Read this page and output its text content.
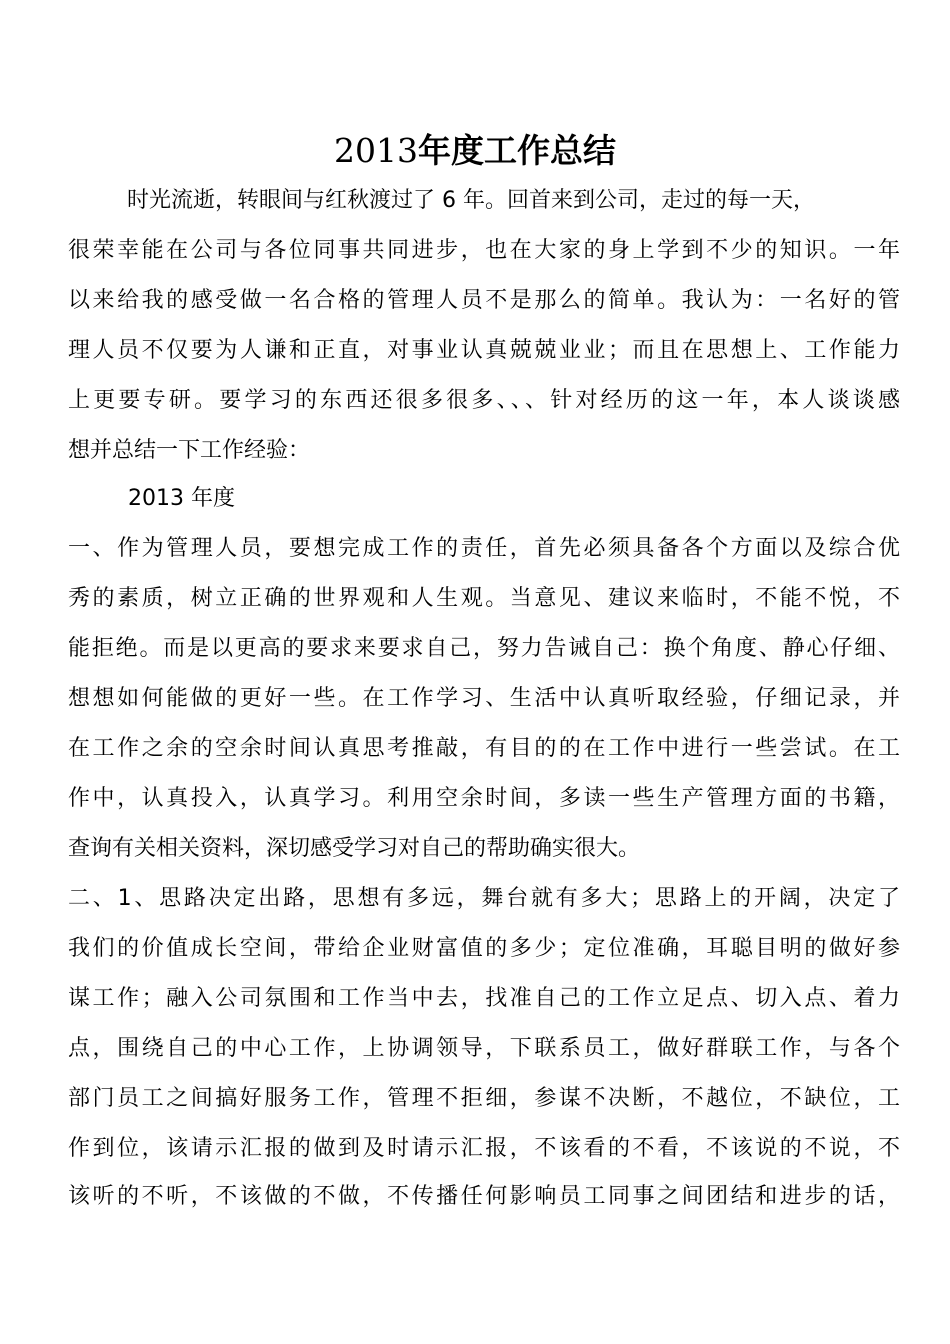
2013年度工作总结
时光流逝，转眼间与红秋渡过了 6 年。回首来到公司，走过的每一天，
很荣幸能在公司与各位同事共同进步，也在大家的身上学到不少的知识。一年
以来给我的感受做一名合格的管理人员不是那么的简单。我认为：一名好的管
理人员不仅要为人谦和正直，对事业认真兢兢业业；而且在思想上、工作能力
上更要专研。要学习的东西还很多很多、、、针对经历的这一年，本人谈谈感
想并总结一下工作经验：
2013 年度
一、作为管理人员，要想完成工作的责任，首先必须具备各个方面以及综合优
秀的素质，树立正确的世界观和人生观。当意见、建议来临时，不能不悦，不
能拒绝。而是以更高的要求来要求自己，努力告诫自己：换个角度、静心仔细、
想想如何能做的更好一些。在工作学习、生活中认真听取经验，仔细记录，并
在工作之余的空余时间认真思考推敲，有目的的在工作中进行一些尝试。在工
作中，认真投入，认真学习。利用空余时间，多读一些生产管理方面的书籍，
查询有关相关资料，深切感受学习对自己的帮助确实很大。
二、1、思路决定出路，思想有多远，舞台就有多大；思路上的开阔，决定了
我们的价值成长空间，带给企业财富值的多少；定位准确，耳聪目明的做好参
谋工作；融入公司氛围和工作当中去，找准自己的工作立足点、切入点、着力
点，围绕自己的中心工作，上协调领导，下联系员工，做好群联工作，与各个
部门员工之间搞好服务工作，管理不拒细，参谋不决断，不越位，不缺位，工
作到位，该请示汇报的做到及时请示汇报，不该看的不看，不该说的不说，不
该听的不听，不该做的不做，不传播任何影响员工同事之间团结和进步的话，
